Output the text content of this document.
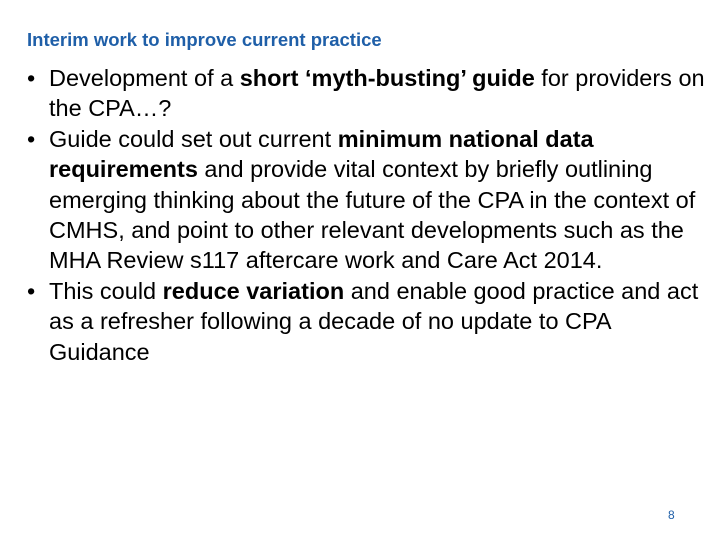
Interim work to improve current practice
• Development of a short ‘myth-busting’ guide for providers on the CPA…?
• Guide could set out current minimum national data requirements and provide vital context by briefly outlining emerging thinking about the future of the CPA in the context of CMHS, and point to other relevant developments such as the MHA Review s117 aftercare work and Care Act 2014.
• This could reduce variation and enable good practice and act as a refresher following a decade of no update to CPA Guidance
8
